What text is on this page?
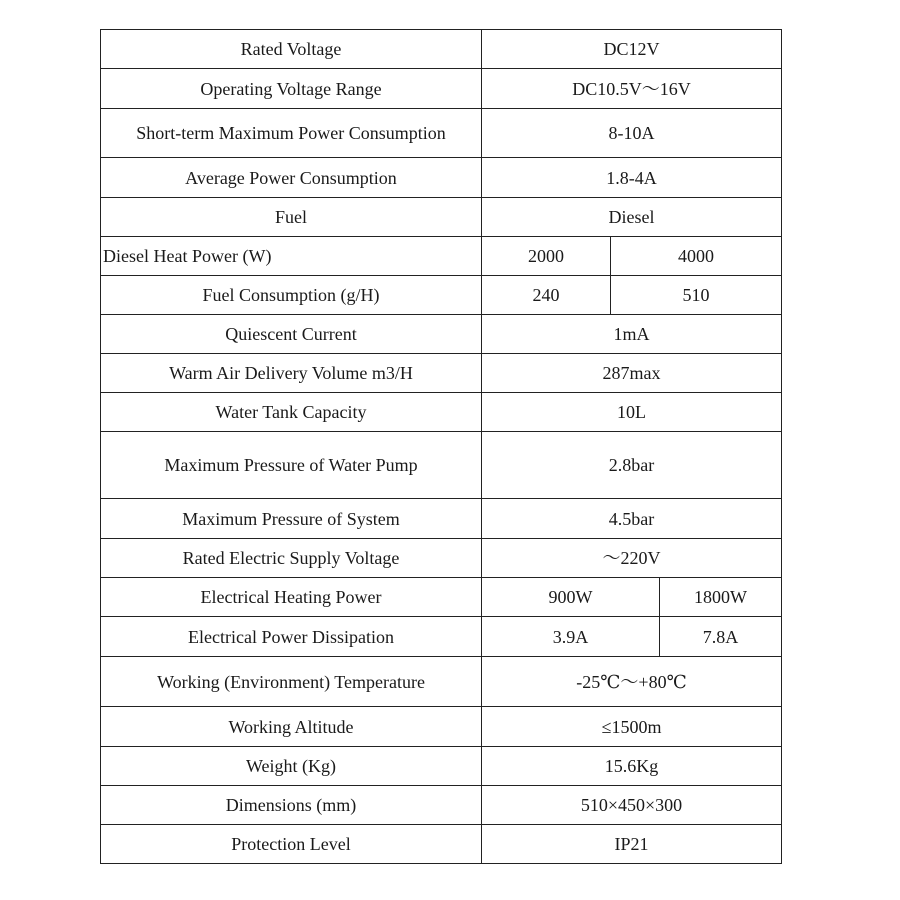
Rated Voltage	DC12V		
Operating Voltage Range	DC10.5V～16V		
Short-term Maximum Power Consumption	8-10A		
Average Power Consumption	1.8-4A		
Fuel	Diesel		
Diesel Heat Power (W)	2000	4000	
Fuel Consumption (g/H)	240	510	
Quiescent Current	1mA		
Warm Air Delivery Volume m3/H	287max		
Water Tank Capacity	10L		
Maximum Pressure of Water Pump	2.8bar		
Maximum Pressure of System	4.5bar		
Rated Electric Supply Voltage	～220V		
Electrical Heating Power	900W		1800W
Electrical Power Dissipation	3.9A		7.8A
Working (Environment) Temperature	-25℃～+80℃		
Working Altitude	≤1500m		
Weight (Kg)	15.6Kg		
Dimensions (mm)	510×450×300		
Protection Level	IP21		
